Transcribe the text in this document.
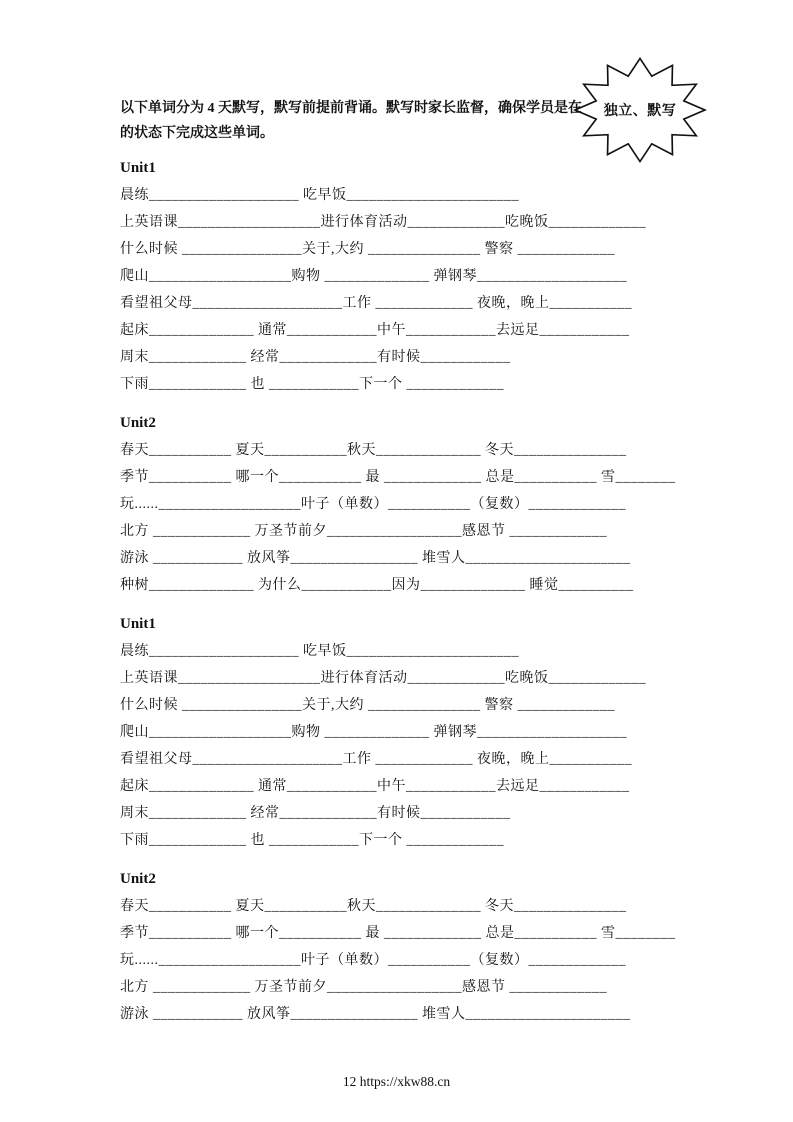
独立、默写
以下单词分为 4 天默写，默写前提前背诵。默写时家长监督，确保学员是在
的状态下完成这些单词。
Unit1
晨练____________________ 吃早饭_______________________
上英语课___________________进行体育活动_____________吃晚饭_____________
什么时候 ________________关于,大约 _______________ 警察 _____________
爬山___________________购物 ______________ 弹钢琴____________________
看望祖父母____________________工作 _____________ 夜晚，晚上___________
起床______________ 通常____________中午____________去远足____________
周末_____________ 经常_____________有时候____________
下雨_____________ 也 ____________下一个 _____________
Unit2
春天___________ 夏天___________秋天______________ 冬天_______________
季节___________ 哪一个___________ 最 _____________ 总是___________ 雪________
玩......___________________叶子（单数）___________（复数）_____________
北方 _____________ 万圣节前夕__________________感恩节 _____________
游泳 ____________ 放风筝_________________ 堆雪人______________________
种树______________ 为什么____________因为______________ 睡觉__________
Unit1
晨练____________________ 吃早饭_______________________
上英语课___________________进行体育活动_____________吃晚饭_____________
什么时候 ________________关于,大约 _______________ 警察 _____________
爬山___________________购物 ______________ 弹钢琴____________________
看望祖父母____________________工作 _____________ 夜晚，晚上___________
起床______________ 通常____________中午____________去远足____________
周末_____________ 经常_____________有时候____________
下雨_____________ 也 ____________下一个 _____________
Unit2
春天___________ 夏天___________秋天______________ 冬天_______________
季节___________ 哪一个___________ 最 _____________ 总是___________ 雪________
玩......___________________叶子（单数）___________（复数）_____________
北方 _____________ 万圣节前夕__________________感恩节 _____________
游泳 ____________ 放风筝_________________ 堆雪人______________________
12 https://xkw88.cn
